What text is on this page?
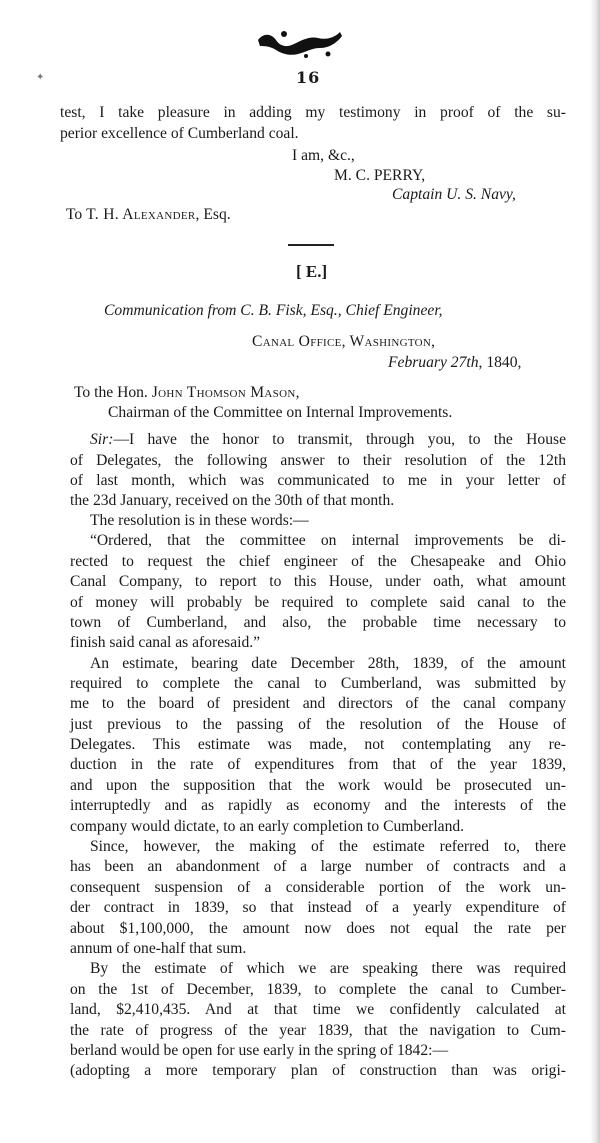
✦	16
test, I take pleasure in adding my testimony in proof of the su-
perior excellence of Cumberland coal.
I am, &c.,
M. C. PERRY,
Captain U. S. Navy,
To T. H. Alexander, Esq.
[ E.]
Communication from C. B. Fisk, Esq., Chief Engineer,
Canal Office, Washington,
February 27th, 1840,
To the Hon. John Thomson Mason,
Chairman of the Committee on Internal Improvements.
Sir:—I have the honor to transmit, through you, to the House
of Delegates, the following answer to their resolution of the 12th
of last month, which was communicated to me in your letter of
the 23d January, received on the 30th of that month.
The resolution is in these words:—
“Ordered, that the committee on internal improvements be di-
rected to request the chief engineer of the Chesapeake and Ohio
Canal Company, to report to this House, under oath, what amount
of money will probably be required to complete said canal to the
town of Cumberland, and also, the probable time necessary to
finish said canal as aforesaid.”
An estimate, bearing date December 28th, 1839, of the amount
required to complete the canal to Cumberland, was submitted by
me to the board of president and directors of the canal company
just previous to the passing of the resolution of the House of
Delegates. This estimate was made, not contemplating any re-
duction in the rate of expenditures from that of the year 1839,
and upon the supposition that the work would be prosecuted un-
interruptedly and as rapidly as economy and the interests of the
company would dictate, to an early completion to Cumberland.
Since, however, the making of the estimate referred to, there
has been an abandonment of a large number of contracts and a
consequent suspension of a considerable portion of the work un-
der contract in 1839, so that instead of a yearly expenditure of
about $1,100,000, the amount now does not equal the rate per
annum of one-half that sum.
By the estimate of which we are speaking there was required
on the 1st of December, 1839, to complete the canal to Cumber-
land, $2,410,435. And at that time we confidently calculated at
the rate of progress of the year 1839, that the navigation to Cum-
berland would be open for use early in the spring of 1842:—
(adopting a more temporary plan of construction than was origi-
